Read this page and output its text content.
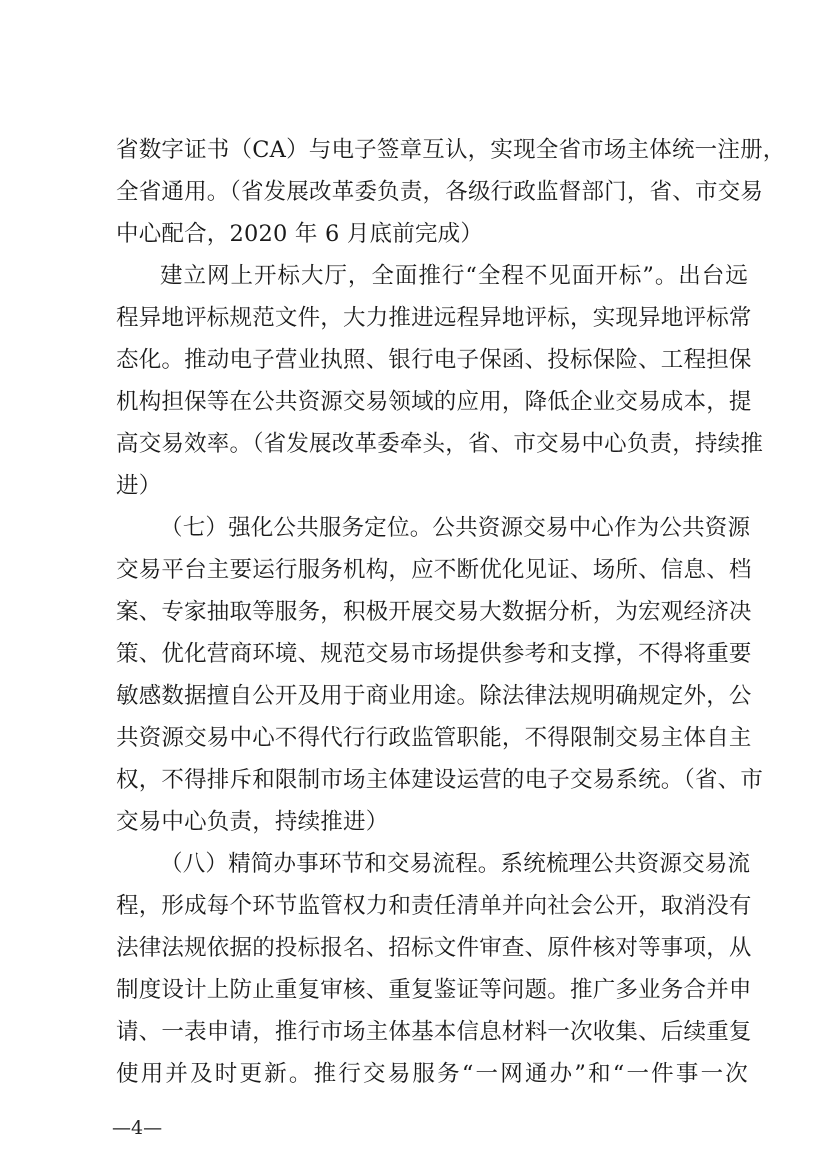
省数字证书（CA）与电子签章互认，实现全省市场主体统一注册，
全省通用。（省发展改革委负责，各级行政监督部门，省、市交易
中心配合，2020 年 6 月底前完成）
建立网上开标大厅，全面推行“全程不见面开标”。出台远
程异地评标规范文件，大力推进远程异地评标，实现异地评标常
态化。推动电子营业执照、银行电子保函、投标保险、工程担保
机构担保等在公共资源交易领域的应用，降低企业交易成本，提
高交易效率。（省发展改革委牵头，省、市交易中心负责，持续推
进）
（七）强化公共服务定位。公共资源交易中心作为公共资源
交易平台主要运行服务机构，应不断优化见证、场所、信息、档
案、专家抽取等服务，积极开展交易大数据分析，为宏观经济决
策、优化营商环境、规范交易市场提供参考和支撑，不得将重要
敏感数据擅自公开及用于商业用途。除法律法规明确规定外，公
共资源交易中心不得代行行政监管职能，不得限制交易主体自主
权，不得排斥和限制市场主体建设运营的电子交易系统。（省、市
交易中心负责，持续推进）
（八）精简办事环节和交易流程。系统梳理公共资源交易流
程，形成每个环节监管权力和责任清单并向社会公开，取消没有
法律法规依据的投标报名、招标文件审查、原件核对等事项，从
制度设计上防止重复审核、重复鉴证等问题。推广多业务合并申
请、一表申请，推行市场主体基本信息材料一次收集、后续重复
使用并及时更新。推行交易服务“一网通办”和“一件事一次
—4—
